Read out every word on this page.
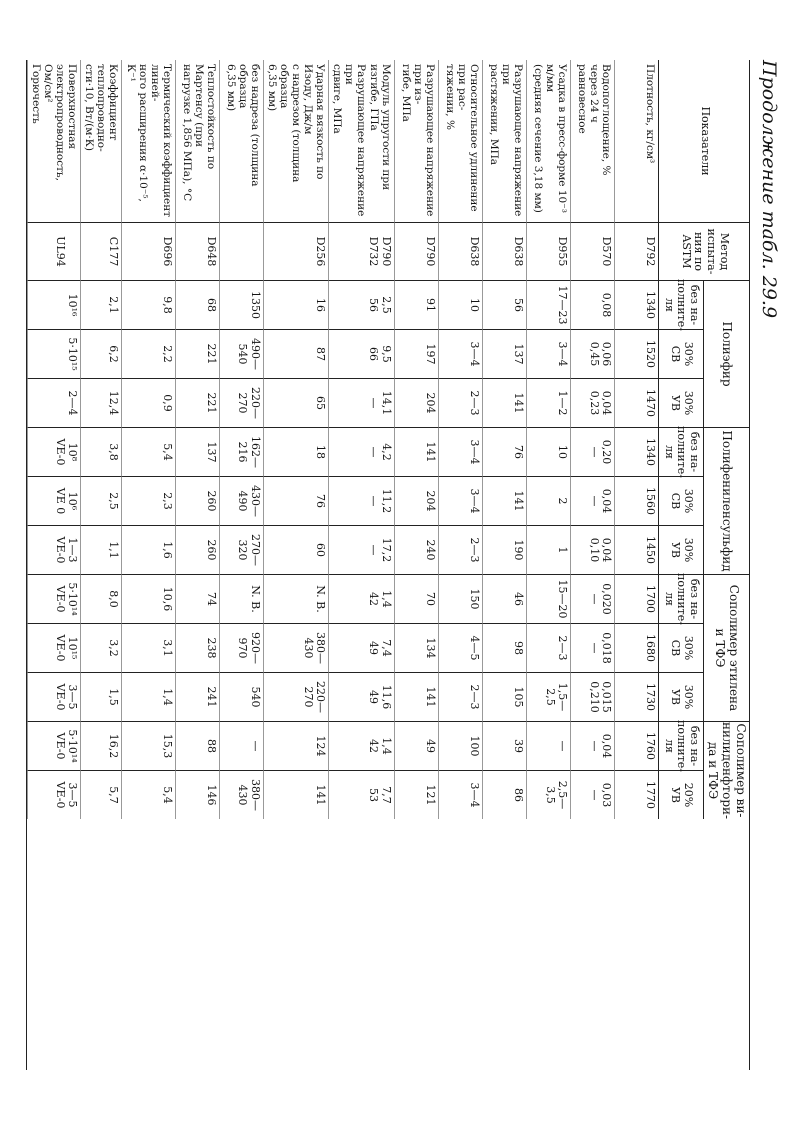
Продолжение табл. 29.9
Показатели
Метод испыта-
ния по ASTM
Полиэфир
Полифениленсульфид
Сополимер этилена
и ТФЭ
Сополимер ви-
нилиденфтори-
да и ТФЭ
без на-
полните-
ля
30% СВ
30% УВ
без на-
полните-
ля
30% СВ
30% УВ
без на-
полните-
ля
30% СВ
30% УВ
без на-
полните-
ля
20% УВ
Плотность, кг/см³
D792
1340
1520
1470
1340
1560
1450
1700
1680
1730
1760
1770
Водопоглощение, %
через 24 ч
равновесное
D570
0,08
0,06
0,45
0,04
0,23
0,20
—
0,04
—
0,04
0,10
0,020
—
0,018
—
0,015
0,210
0,04
—
0,03
—
Усадка в пресс-форме 10⁻³ м/мм
(средняя сечение 3,18 мм)
D955
17—23
3—4
1—2
10
2
1
15—20
2—3
1,5—2,5
—
2,5—3,5
Разрушающее напряжение при
растяжении, МПа
D638
56
137
141
76
141
190
46
98
105
39
86
Относительное удлинение при рас-
тяжении, %
D638
10
3—4
2—3
3—4
3—4
2—3
150
4—5
2—3
100
3—4
Разрушающее напряжение при из-
гибе, МПа
D790
91
197
204
141
204
240
70
134
141
49
121
Модуль упругости при изгибе, ГПа
Разрушающее напряжение при
сдвиге, МПа
D790
D732
2,5
56
9,5
66
14,1
—
4,2
—
11,2
—
17,2
—
1,4
42
7,4
49
11,6
49
1,4
42
7,7
53
Ударная вязкость по Изоду, Дж/м
с надрезом (толщина образца
6,35 мм)
D256
16
87
65
18
76
60
N. B.
380—
430
220—
270
124
141
без надреза (толщина образца
6,35 мм)
1350
490—
540
220—
270
162—
216
430—
490
270—
320
N. B.
920—
970
540
—
380—
430
Теплостойкость по Мартенсу (при
нагрузке 1,856 МПа), °С
D648
68
221
221
137
260
260
74
238
241
88
146
Термический коэффициент линей-
ного расширения α·10⁻⁵, К⁻¹
D696
9,8
2,2
0,9
5,4
2,3
1,6
10,6
3,1
1,4
15,3
5,4
Коэффициент теплопроводно-
сти·10, Вт/(м·К)
C177
2,1
6,2
12,4
3,8
2,5
1,1
8,0
3,2
1,5
16,2
5,7
Поверхностная электропроводность,
Ом/см²
Горючесть

UL94
10¹⁶
5·10¹⁵
2—4
10⁸
VE-0
10⁶
VE 0
1—3
VE-0
5·10¹⁴
VE-0
10¹⁵
VE-0
3—5
VE-0
5·10¹⁴
VE-0
3—5
VE-0
